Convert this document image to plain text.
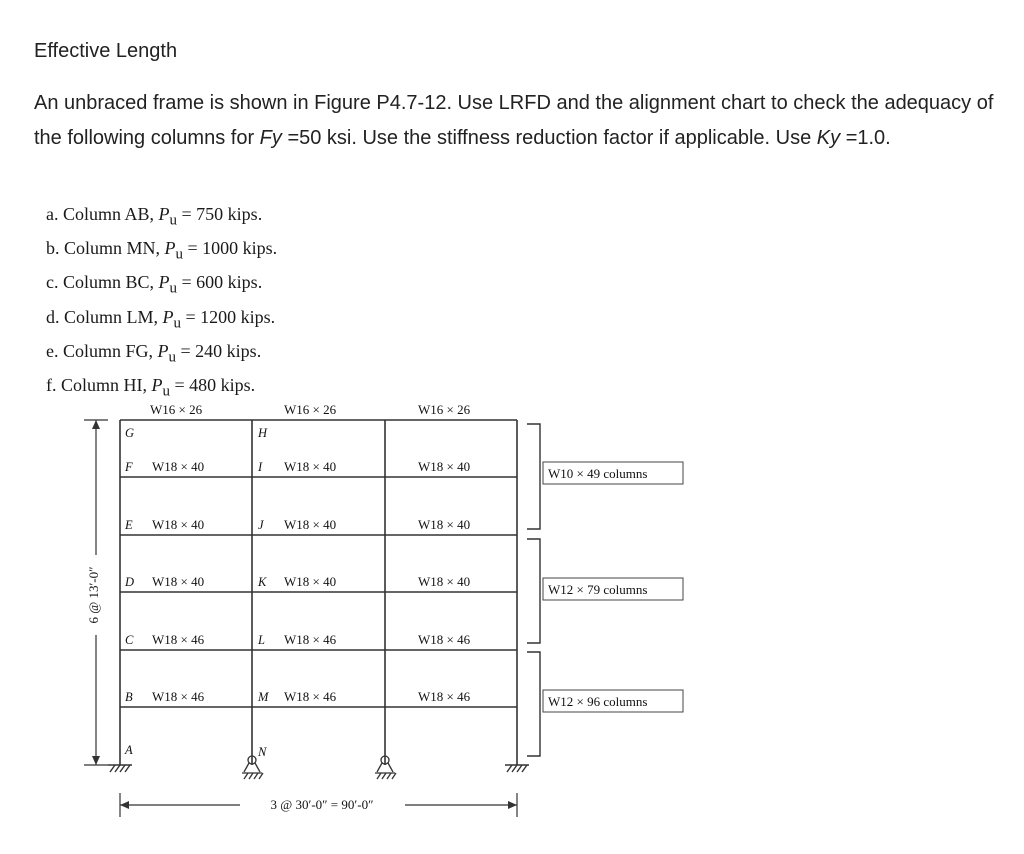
Effective Length
An unbraced frame is shown in Figure P4.7-12. Use LRFD and the alignment chart to check the adequacy of the following columns for Fy =50 ksi. Use the stiffness reduction factor if applicable. Use Ky =1.0.
a. Column AB, $P_u = 750$ kips.
b. Column MN, $P_u = 1000$ kips.
c. Column BC, $P_u = 600$ kips.
d. Column LM, $P_u = 1200$ kips.
e. Column FG, $P_u = 240$ kips.
f. Column HI, $P_u = 480$ kips.
W16 × 26	W16 × 26	W16 × 26
W18 × 40	W18 × 40	W18 × 40
W18 × 40	W18 × 40	W18 × 40
W18 × 40	W18 × 40	W18 × 40
W18 × 46	W18 × 46	W18 × 46
W18 × 46	W18 × 46	W18 × 46
G
F
E
D
C
B
A
H
I
J
K
L
M
N
6 @ 13′-0″
3 @ 30′-0″ = 90′-0″
W10 × 49 columns
W12 × 79 columns
W12 × 96 columns
